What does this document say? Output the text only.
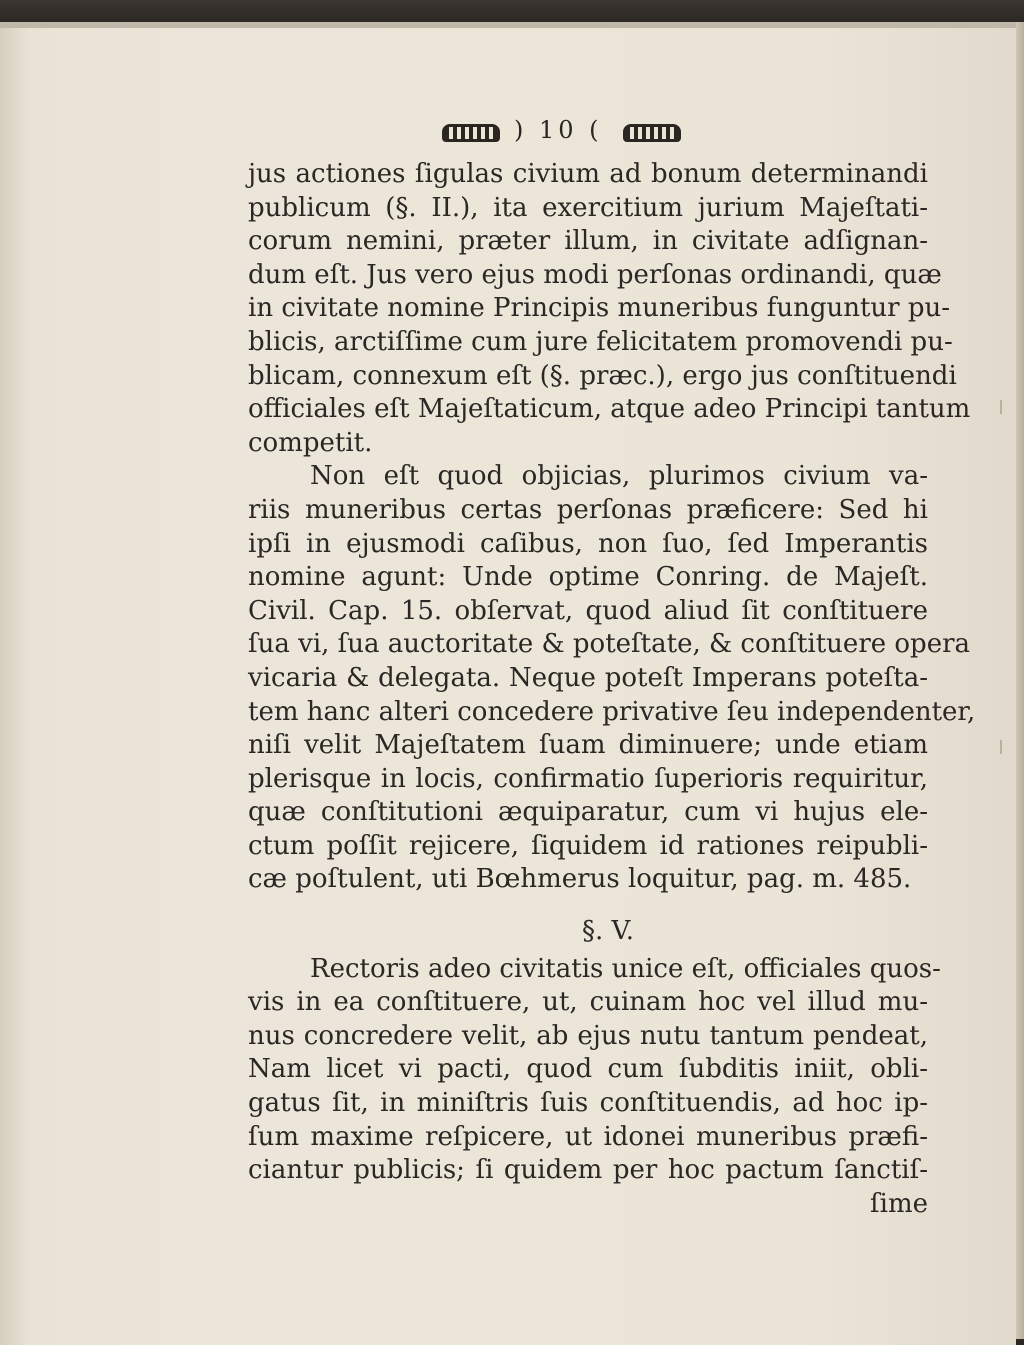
) 10 (
jus actiones ſigulas civium ad bonum determinandi
publicum (§. II.), ita exercitium jurium Majeſtati-
corum nemini, præter illum, in civitate adſignan-
dum eſt. Jus vero ejus modi perſonas ordinandi, quæ
in civitate nomine Principis muneribus funguntur pu-
blicis, arctiſſime cum jure felicitatem promovendi pu-
blicam, connexum eſt (§. præc.), ergo jus conſtituendi
officiales eſt Majeſtaticum, atque adeo Principi tantum
competit.
Non eſt quod objicias, plurimos civium va-
riis muneribus certas perſonas præficere: Sed hi
ipſi in ejusmodi caſibus, non ſuo, ſed Imperantis
nomine agunt: Unde optime Conring. de Majeſt.
Civil. Cap. 15. obſervat, quod aliud ſit conſtituere
ſua vi, ſua auctoritate & poteſtate, & conſtituere opera
vicaria & delegata. Neque poteſt Imperans poteſta-
tem hanc alteri concedere privative ſeu independenter,
niſi velit Majeſtatem ſuam diminuere; unde etiam
plerisque in locis, confirmatio ſuperioris requiritur,
quæ conſtitutioni æquiparatur, cum vi hujus ele-
ctum poſſit rejicere, ſiquidem id rationes reipubli-
cæ poſtulent, uti Bœhmerus loquitur, pag. m. 485.
§. V.
Rectoris adeo civitatis unice eſt, officiales quos-
vis in ea conſtituere, ut, cuinam hoc vel illud mu-
nus concredere velit, ab ejus nutu tantum pendeat,
Nam licet vi pacti, quod cum ſubditis iniit, obli-
gatus ſit, in miniſtris ſuis conſtituendis, ad hoc ip-
ſum maxime reſpicere, ut idonei muneribus præfi-
ciantur publicis; ſi quidem per hoc pactum ſanctiſ-
ſime
